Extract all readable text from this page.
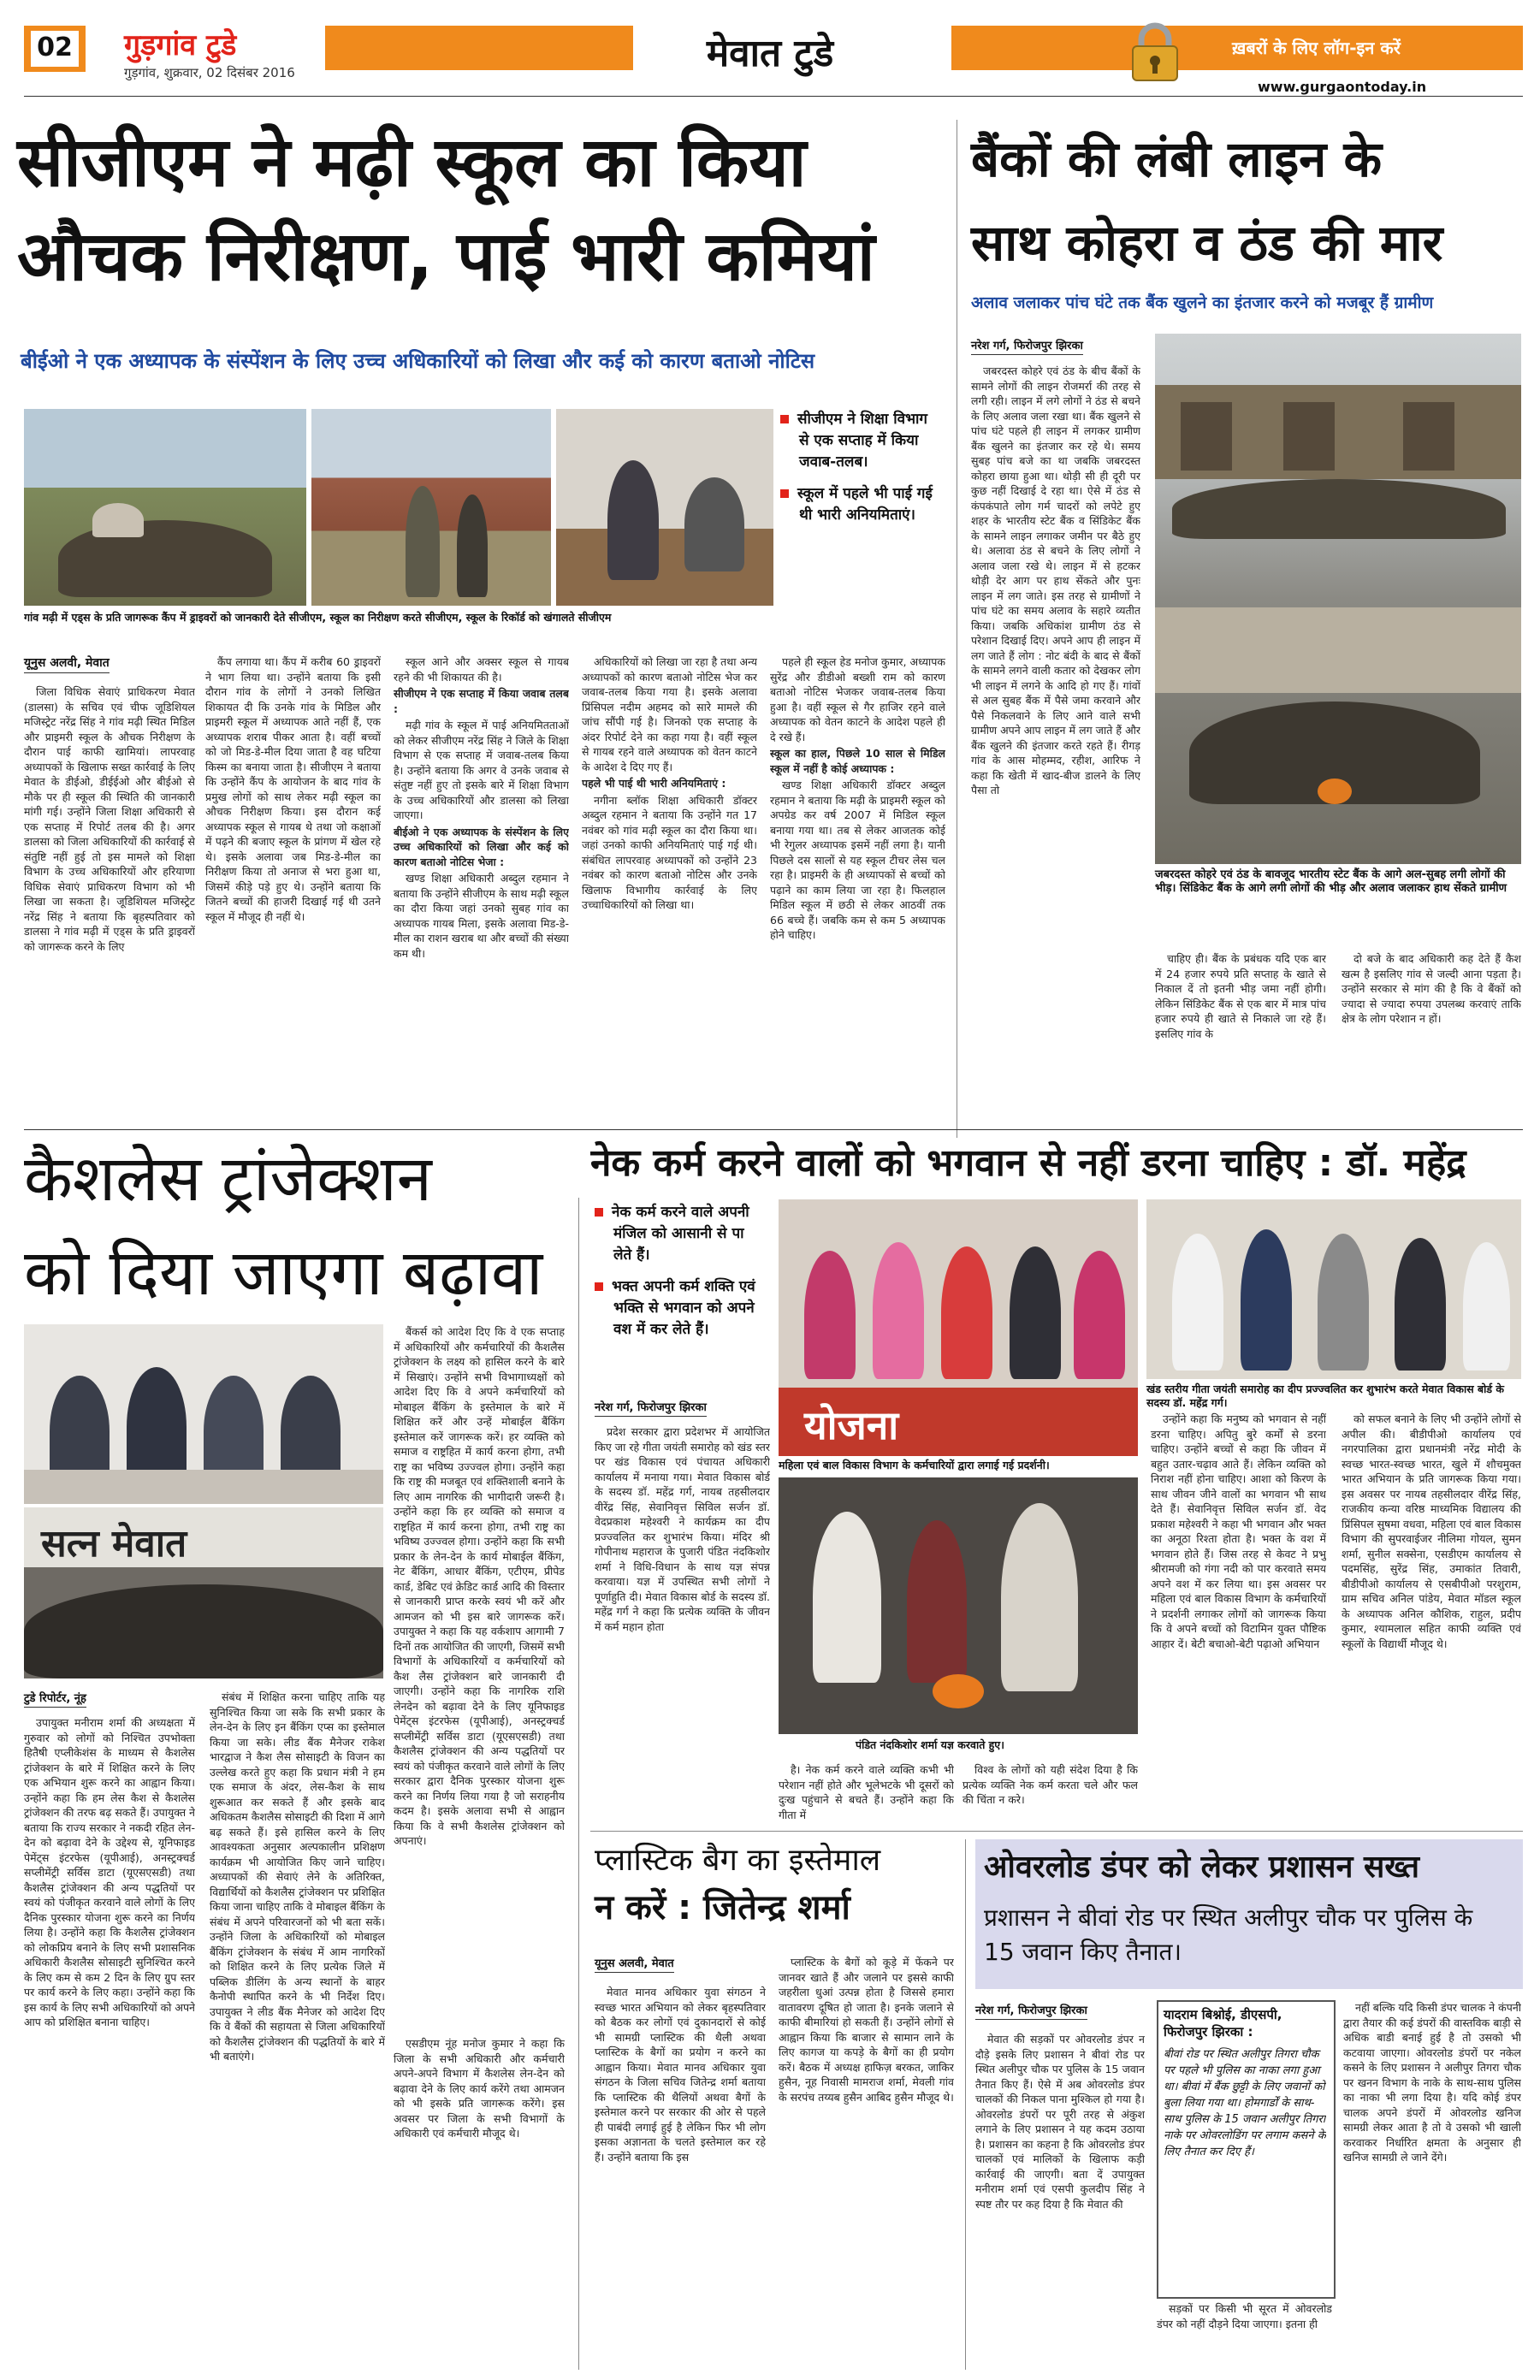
02 गुड़गांव टुडे
गुड़गांव, शुक्रवार, 02 दिसंबर 2016	मेवात टुडे	ख़बरों के लिए लॉग-इन करें
www.gurgaontoday.in
सीजीएम ने मढ़ी स्कूल का किया
औचक निरीक्षण, पाई भारी कमियां
बीईओ ने एक अध्यापक के संस्पेंशन के लिए उच्च अधिकारियों को लिखा और कई को कारण बताओ नोटिस
गांव मढ़ी में एड्स के प्रति जागरूक कैंप में ड्राइवरों को जानकारी देते सीजीएम, स्कूल का निरीक्षण करते सीजीएम, स्कूल के रिकॉर्ड को खंगालते सीजीएम
सीजीएम ने शिक्षा विभाग से एक सप्ताह में किया जवाब-तलब।
स्कूल में पहले भी पाई गई थी भारी अनियमिताएं।
यूनुस अलवी, मेवात

जिला विधिक सेवाएं प्राधिकरण मेवात (डालसा) के सचिव एवं चीफ जूडिशियल मजिस्ट्रेट नरेंद्र सिंह ने गांव मढ़ी स्थित मिडिल और प्राइमरी स्कूल के औचक निरीक्षण के दौरान पाई काफी खामियां। लापरवाह अध्यापकों के खिलाफ सख्त कार्रवाई के लिए मेवात के डीईओ, डीईईओ और बीईओ से मौके पर ही स्कूल की स्थिति की जानकारी मांगी गई। उन्होंने जिला शिक्षा अधिकारी से एक सप्ताह में रिपोर्ट तलब की है। अगर डालसा को जिला अधिकारियों की कार्रवाई से संतुष्टि नहीं हुई तो इस मामले को शिक्षा विभाग के उच्च अधिकारियों और हरियाणा विधिक सेवाएं प्राधिकरण विभाग को भी लिखा जा सकता है। जूडिशियल मजिस्ट्रेट नरेंद्र सिंह ने बताया कि बृहस्पतिवार को डालसा ने गांव मढ़ी में एड्स के प्रति ड्राइवरों को जागरूक करने के लिए

कैंप लगाया था। कैंप में करीब 60 ड्राइवरों ने भाग लिया था। उन्होंने बताया कि इसी दौरान गांव के लोगों ने उनको लिखित शिकायत दी कि उनके गांव के मिडिल और प्राइमरी स्कूल में अध्यापक आते नहीं हैं, एक अध्यापक शराब पीकर आता है। वहीं बच्चों को जो मिड-डे-मील दिया जाता है वह घटिया किस्म का बनाया जाता है। सीजीएम ने बताया कि उन्होंने कैंप के आयोजन के बाद गांव के प्रमुख लोगों को साथ लेकर मढ़ी स्कूल का औचक निरीक्षण किया। इस दौरान कई अध्यापक स्कूल से गायब थे तथा जो कक्षाओं में पढ़ने की बजाए स्कूल के प्रांगण में खेल रहे थे। इसके अलावा जब मिड-डे-मील का निरीक्षण किया तो अनाज से भरा हुआ था, जिसमें कीड़े पड़े हुए थे। उन्होंने बताया कि जितने बच्चों की हाजरी दिखाई गई थी उतने स्कूल में मौजूद ही नहीं थे।

स्कूल आने और अक्सर स्कूल से गायब रहने की भी शिकायत की है।

सीजीएम ने एक सप्ताह में किया जवाब तलब :

मढ़ी गांव के स्कूल में पाई अनियमितताओं को लेकर सीजीएम नरेंद्र सिंह ने जिले के शिक्षा विभाग से एक सप्ताह में जवाब-तलब किया है। उन्होंने बताया कि अगर वे उनके जवाब से संतुष्ट नहीं हुए तो इसके बारे में शिक्षा विभाग के उच्च अधिकारियों और डालसा को लिखा जाएगा।

बीईओ ने एक अध्यापक के संस्पेंशन के लिए उच्च अधिकारियों को लिखा और कई को कारण बताओ नोटिस भेजा :

खण्ड शिक्षा अधिकारी अब्दुल रहमान ने बताया कि उन्होंने सीजीएम के साथ मढ़ी स्कूल का दौरा किया जहां उनको सुबह गांव का अध्यापक गायब मिला, इसके अलावा मिड-डे-मील का राशन खराब था और बच्चों की संख्या कम थी।

अधिकारियों को लिखा जा रहा है तथा अन्य अध्यापकों को कारण बताओ नोटिस भेज कर जवाब-तलब किया गया है। इसके अलावा प्रिंसिपल नदीम अहमद को सारे मामले की जांच सौंपी गई है। जिनको एक सप्ताह के अंदर रिपोर्ट देने का कहा गया है। वहीं स्कूल से गायब रहने वाले अध्यापक को वेतन काटने के आदेश दे दिए गए हैं।

पहले भी पाई थी भारी अनियमिताएं :

नगीना ब्लॉक शिक्षा अधिकारी डॉक्टर अब्दुल रहमान ने बताया कि उन्होंने गत 17 नवंबर को गांव मढ़ी स्कूल का दौरा किया था। जहां उनको काफी अनियमिताएं पाई गई थी। संबंधित लापरवाह अध्यापकों को उन्होंने 23 नवंबर को कारण बताओ नोटिस और उनके खिलाफ विभागीय कार्रवाई के लिए उच्चाधिकारियों को लिखा था।

पहले ही स्कूल हेड मनोज कुमार, अध्यापक सुरेंद्र और डीडीओ बख्शी राम को कारण बताओ नोटिस भेजकर जवाब-तलब किया हुआ है। वहीं स्कूल से गैर हाजिर रहने वाले अध्यापक को वेतन काटने के आदेश पहले ही दे रखे हैं।

स्कूल का हाल, पिछले 10 साल से मिडिल स्कूल में नहीं है कोई अध्यापक :

खण्ड शिक्षा अधिकारी डॉक्टर अब्दुल रहमान ने बताया कि मढ़ी के प्राइमरी स्कूल को अपग्रेड कर वर्ष 2007 में मिडिल स्कूल बनाया गया था। तब से लेकर आजतक कोई भी रेगुलर अध्यापक इसमें नहीं लगा है। यानी पिछले दस सालों से यह स्कूल टीचर लेस चल रहा है। प्राइमरी के ही अध्यापकों से बच्चों को पढ़ाने का काम लिया जा रहा है। फिलहाल मिडिल स्कूल में छठी से लेकर आठवीं तक 66 बच्चे हैं। जबकि कम से कम 5 अध्यापक होने चाहिए।

बैंकों की लंबी लाइन के
साथ कोहरा व ठंड की मार
अलाव जलाकर पांच घंटे तक बैंक खुलने का इंतजार करने को मजबूर हैं ग्रामीण
नरेश गर्ग, फिरोजपुर झिरका

जबरदस्त कोहरे एवं ठंड के बीच बैंकों के सामने लोगों की लाइन रोजमर्रा की तरह से लगी रही। लाइन में लगे लोगों ने ठंड से बचने के लिए अलाव जला रखा था। बैंक खुलने से पांच घंटे पहले ही लाइन में लगकर ग्रामीण बैंक खुलने का इंतजार कर रहे थे। समय सुबह पांच बजे का था जबकि जबरदस्त कोहरा छाया हुआ था। थोड़ी सी ही दूरी पर कुछ नहीं दिखाई दे रहा था। ऐसे में ठंड से कंपकंपाते लोग गर्म चादरों को लपेटे हुए शहर के भारतीय स्टेट बैंक व सिंडिकेट बैंक के सामने लाइन लगाकर जमीन पर बैठे हुए थे। अलावा ठंड से बचने के लिए लोगों ने अलाव जला रखे थे। लाइन में से हटकर थोड़ी देर आग पर हाथ सेंकते और पुनः लाइन में लग जाते। इस तरह से ग्रामीणों ने पांच घंटे का समय अलाव के सहारे व्यतीत किया। जबकि अधिकांश ग्रामीण ठंड से परेशान दिखाई दिए। अपने आप ही लाइन में लग जाते हैं लोग : नोट बंदी के बाद से बैंकों के सामने लगने वाली कतार को देखकर लोग भी लाइन में लगने के आदि हो गए हैं। गांवों से अल सुबह बैंक में पैसे जमा करवाने और पैसे निकलवाने के लिए आने वाले सभी ग्रामीण अपने आप लाइन में लग जाते हैं और बैंक खुलने की इंतजार करते रहते हैं। रीगड़ गांव के आस मोहम्मद, रहीश, आरिफ ने कहा कि खेती में खाद-बीज डालने के लिए पैसा तो

जबरदस्त कोहरे एवं ठंड के बावजूद भारतीय स्टेट बैंक के आगे अल-सुबह लगी लोगों की भीड़। सिंडिकेट बैंक के आगे लगी लोगों की भीड़ और अलाव जलाकर हाथ सेंकते ग्रामीण

चाहिए ही। बैंक के प्रबंधक यदि एक बार में 24 हजार रुपये प्रति सप्ताह के खाते से निकाल दें तो इतनी भीड़ जमा नहीं होगी। लेकिन सिंडिकेट बैंक से एक बार में मात्र पांच हजार रुपये ही खाते से निकाले जा रहे हैं। इसलिए गांव के

दो बजे के बाद अधिकारी कह देते हैं कैश खत्म है इसलिए गांव से जल्दी आना पड़ता है। उन्होंने सरकार से मांग की है कि वे बैंकों को ज्यादा से ज्यादा रुपया उपलब्ध करवाएं ताकि क्षेत्र के लोग परेशान न हों।

कैशलेस ट्रांजेक्शन
को दिया जाएगा बढ़ावा
सत्न मेवात

बैंकर्स को आदेश दिए कि वे एक सप्ताह में अधिकारियों और कर्मचारियों की कैशलैस ट्रांजेक्शन के लक्ष्य को हासिल करने के बारे में सिखाएं। उन्होंने सभी विभागाध्यक्षों को आदेश दिए कि वे अपने कर्मचारियों को मोबाइल बैंकिंग के इस्तेमाल के बारे में शिक्षित करें और उन्हें मोबाईल बैंकिंग इस्तेमाल करें जागरूक करें। हर व्यक्ति को समाज व राष्ट्रहित में कार्य करना होगा, तभी राष्ट्र का भविष्य उज्ज्वल होगा। उन्होंने कहा कि राष्ट्र की मजबूत एवं शक्तिशाली बनाने के लिए आम नागरिक की भागीदारी जरूरी है। उन्होंने कहा कि हर व्यक्ति को समाज व राष्ट्रहित में कार्य करना होगा, तभी राष्ट्र का भविष्य उज्ज्वल होगा। उन्होंने कहा कि सभी प्रकार के लेन-देन के कार्य मोबाईल बैंकिंग, नेट बैंकिंग, आधार बैंकिंग, एटीएम, प्रीपेड कार्ड, डेबिट एवं क्रेडिट कार्ड आदि की विस्तार से जानकारी प्राप्त करके स्वयं भी करें और आमजन को भी इस बारे जागरूक करें। उपायुक्त ने कहा कि यह वर्कशाप आगामी 7 दिनों तक आयोजित की जाएगी, जिसमें सभी विभागों के अधिकारियों व कर्मचारियों को कैश लैस ट्रांजेक्शन बारे जानकारी दी जाएगी। उन्होंने कहा कि नागरिक राशि लेनदेन को बढ़ावा देने के लिए यूनिफाइड पेमेंट्स इंटरफेस (यूपीआई), अनस्ट्रक्चर्ड सप्लीमेंट्री सर्विस डाटा (यूएसएसडी) तथा कैशलैस ट्रांजेक्शन की अन्य पद्धतियों पर स्वयं को पंजीकृत करवाने वाले लोगों के लिए सरकार द्वारा दैनिक पुरस्कार योजना शुरू करने का निर्णय लिया गया है जो सराहनीय कदम है। इसके अलावा सभी से आह्वान किया कि वे सभी कैशलेस ट्रांजेक्शन को अपनाएं।

टुडे रिपोर्टर, नूंह

उपायुक्त मनीराम शर्मा की अध्यक्षता में गुरुवार को लोगों को निश्चित उपभोक्ता हितैषी एप्लीकेशंस के माध्यम से कैशलेस ट्रांजेक्शन के बारे में शिक्षित करने के लिए एक अभियान शुरू करने का आह्वान किया। उन्होंने कहा कि हम लेस कैश से कैशलेस ट्रांजेक्शन की तरफ बढ़ सकते हैं। उपायुक्त ने बताया कि राज्य सरकार ने नकदी रहित लेन-देन को बढ़ावा देने के उद्देश्य से, यूनिफाइड पेमेंट्स इंटरफेस (यूपीआई), अनस्ट्रक्चर्ड सप्लीमेंट्री सर्विस डाटा (यूएसएसडी) तथा कैशलैस ट्रांजेक्शन की अन्य पद्धतियों पर स्वयं को पंजीकृत करवाने वाले लोगों के लिए दैनिक पुरस्कार योजना शुरू करने का निर्णय लिया है। उन्होंने कहा कि कैशलैस ट्रांजेक्शन को लोकप्रिय बनाने के लिए सभी प्रशासनिक अधिकारी कैशलैस सोसाइटी सुनिश्चित करने के लिए कम से कम 2 दिन के लिए ग्रुप स्तर पर कार्य करने के लिए कहा। उन्होंने कहा कि इस कार्य के लिए सभी अधिकारियों को अपने आप को प्रशिक्षित बनाना चाहिए।

संबंध में शिक्षित करना चाहिए ताकि यह सुनिश्चित किया जा सके कि सभी प्रकार के लेन-देन के लिए इन बैंकिंग एप्स का इस्तेमाल किया जा सके। लीड बैंक मैनेजर राकेश भारद्वाज ने कैश लैस सोसाइटी के विजन का उल्लेख करते हुए कहा कि प्रधान मंत्री ने हम एक समाज के अंदर, लेस-कैश के साथ शुरूआत कर सकते हैं और इसके बाद अधिकतम कैशलैस सोसाइटी की दिशा में आगे बढ़ सकते हैं। इसे हासिल करने के लिए आवश्यकता अनुसार अल्पकालीन प्रशिक्षण कार्यक्रम भी आयोजित किए जाने चाहिए। अध्यापकों की सेवाएं लेने के अतिरिक्त, विद्यार्थियों को कैशलैस ट्रांजेक्शन पर प्रशिक्षित किया जाना चाहिए ताकि वे मोबाइल बैंकिंग के संबंध में अपने परिवारजनों को भी बता सकें। उन्होंने जिला के अधिकारियों को मोबाइल बैंकिंग ट्रांजेक्शन के संबंध में आम नागरिकों को शिक्षित करने के लिए प्रत्येक जिले में पब्लिक डीलिंग के अन्य स्थानों के बाहर कैनोपी स्थापित करने के भी निर्देश दिए। उपायुक्त ने लीड बैंक मैनेजर को आदेश दिए कि वे बैंकों की सहायता से जिला अधिकारियों को कैशलैस ट्रांजेक्शन की पद्धतियों के बारे में भी बताएंगे।

एसडीएम नूंह मनोज कुमार ने कहा कि जिला के सभी अधिकारी और कर्मचारी अपने-अपने विभाग में कैशलेस लेन-देन को बढ़ावा देने के लिए कार्य करेंगे तथा आमजन को भी इसके प्रति जागरूक करेंगे। इस अवसर पर जिला के सभी विभागों के अधिकारी एवं कर्मचारी मौजूद थे।

नेक कर्म करने वालों को भगवान से नहीं डरना चाहिए : डॉ. महेंद्र
नेक कर्म करने वाले अपनी मंजिल को आसानी से पा लेते हैं।
भक्त अपनी कर्म शक्ति एवं भक्ति से भगवान को अपने वश में कर लेते हैं।
योजना
महिला एवं बाल विकास विभाग के कर्मचारियों द्वारा लगाई गई प्रदर्शनी।
खंड स्तरीय गीता जयंती समारोह का दीप प्रज्ज्वलित कर शुभारंभ करते मेवात विकास बोर्ड के सदस्य डॉ. महेंद्र गर्ग।
नरेश गर्ग, फिरोजपुर झिरका

प्रदेश सरकार द्वारा प्रदेशभर में आयोजित किए जा रहे गीता जयंती समारोह को खंड स्तर पर खंड विकास एवं पंचायत अधिकारी कार्यालय में मनाया गया। मेवात विकास बोर्ड के सदस्य डॉ. महेंद्र गर्ग, नायब तहसीलदार वीरेंद्र सिंह, सेवानिवृत्त सिविल सर्जन डॉ. वेदप्रकाश महेश्वरी ने कार्यक्रम का दीप प्रज्ज्वलित कर शुभारंभ किया। मंदिर श्री गोपीनाथ महाराज के पुजारी पंडित नंदकिशोर शर्मा ने विधि-विधान के साथ यज्ञ संपन्न करवाया। यज्ञ में उपस्थित सभी लोगों ने पूर्णाहुति दी। मेवात विकास बोर्ड के सदस्य डॉ. महेंद्र गर्ग ने कहा कि प्रत्येक व्यक्ति के जीवन में कर्म महान होता

पंडित नंदकिशोर शर्मा यज्ञ करवाते हुए।

उन्होंने कहा कि मनुष्य को भगवान से नहीं डरना चाहिए। अपितु बुरे कर्मों से डरना चाहिए। उन्होंने बच्चों से कहा कि जीवन में बहुत उतार-चढ़ाव आते हैं। लेकिन व्यक्ति को निराश नहीं होना चाहिए। आशा को किरण के साथ जीवन जीने वालों का भगवान भी साथ देते हैं। सेवानिवृत्त सिविल सर्जन डॉ. वेद प्रकाश महेश्वरी ने कहा भी भगवान और भक्त का अनूठा रिश्ता होता है। भक्त के वश में भगवान होते हैं। जिस तरह से केवट ने प्रभु श्रीरामजी को गंगा नदी को पार करवाते समय अपने वश में कर लिया था। इस अवसर पर महिला एवं बाल विकास विभाग के कर्मचारियों ने प्रदर्शनी लगाकर लोगों को जागरूक किया कि वे अपने बच्चों को विटामिन युक्त पौष्टिक आहार दें। बेटी बचाओ-बेटी पढ़ाओ अभियान

को सफल बनाने के लिए भी उन्होंने लोगों से अपील की। बीडीपीओ कार्यालय एवं नगरपालिका द्वारा प्रधानमंत्री नरेंद्र मोदी के स्वच्छ भारत-स्वच्छ भारत, खुले में शौचमुक्त भारत अभियान के प्रति जागरूक किया गया। इस अवसर पर नायब तहसीलदार वीरेंद्र सिंह, राजकीय कन्या वरिष्ठ माध्यमिक विद्यालय की प्रिंसिपल सुषमा वधवा, महिला एवं बाल विकास विभाग की सुपरवाईजर नीलिमा गोयल, सुमन शर्मा, सुनील सक्सेना, एसडीएम कार्यालय से पदमसिंह, सुरेंद्र सिंह, उमाकांत तिवारी, बीडीपीओ कार्यालय से एसबीपीओ परशुराम, ग्राम सचिव अनिल पांडेय, मेवात मॉडल स्कूल के अध्यापक अनिल कौशिक, राहुल, प्रदीप कुमार, श्यामलाल सहित काफी व्यक्ति एवं स्कूलों के विद्यार्थी मौजूद थे।

है। नेक कर्म करने वाले व्यक्ति कभी भी परेशान नहीं होते और भूलेभटके भी दूसरों को दुःख पहुंचाने से बचते हैं। उन्होंने कहा कि गीता में

विश्व के लोगों को यही संदेश दिया है कि प्रत्येक व्यक्ति नेक कर्म करता चले और फल की चिंता न करे।

प्लास्टिक बैग का इस्तेमाल
न करें : जितेन्द्र शर्मा
यूनुस अलवी, मेवात

मेवात मानव अधिकार युवा संगठन ने स्वच्छ भारत अभियान को लेकर बृहस्पतिवार को बैठक कर लोगों एवं दुकानदारों से कोई भी सामग्री प्लास्टिक की थैली अथवा प्लास्टिक के बैगों का प्रयोग न करने का आह्वान किया। मेवात मानव अधिकार युवा संगठन के जिला सचिव जितेन्द्र शर्मा बताया कि प्लास्टिक की थैलियों अथवा बैगों के इस्तेमाल करने पर सरकार की ओर से पहले ही पाबंदी लगाई हुई है लेकिन फिर भी लोग इसका अज्ञानता के चलते इस्तेमाल कर रहे हैं। उन्होंने बताया कि इस

प्लास्टिक के बैगों को कूड़े में फेंकने पर जानवर खाते हैं और जलाने पर इससे काफी जहरीला धुआं उत्पन्न होता है जिससे हमारा वातावरण दूषित हो जाता है। इनके जलाने से काफी बीमारियां हो सकती हैं। उन्होंने लोगों से आह्वान किया कि बाजार से सामान लाने के लिए कागज या कपड़े के बैगों का ही प्रयोग करें। बैठक में अध्यक्ष हाफिज़ बरकत, जाकिर हुसैन, नूह निवासी मामराज शर्मा, मेवली गांव के सरपंच तय्यब हुसैन आबिद हुसैन मौजूद थे।

ओवरलोड डंपर को लेकर प्रशासन सख्त
प्रशासन ने बीवां रोड पर स्थित अलीपुर चौक पर पुलिस के 15 जवान किए तैनात।
नरेश गर्ग, फिरोजपुर झिरका

मेवात की सड़कों पर ओवरलोड डंपर न दौड़े इसके लिए प्रशासन ने बीवां रोड पर स्थित अलीपुर चौक पर पुलिस के 15 जवान तैनात किए हैं। ऐसे में अब ओवरलोड डंपर चालकों की निकल पाना मुश्किल हो गया है। ओवरलोड डंपरों पर पूरी तरह से अंकुश लगाने के लिए प्रशासन ने यह कदम उठाया है। प्रशासन का कहना है कि ओवरलोड डंपर चालकों एवं मालिकों के खिलाफ कड़ी कार्रवाई की जाएगी। बता दें उपायुक्त मनीराम शर्मा एवं एसपी कुलदीप सिंह ने स्पष्ट तौर पर कह दिया है कि मेवात की

यादराम बिश्नोई, डीएसपी, फिरोजपुर झिरका :
बीवां रोड पर स्थित अलीपुर तिगरा चौक पर पहले भी पुलिस का नाका लगा हुआ था। बीवां में बैंक छुट्टी के लिए जवानों को बुला लिया गया था। होमगार्डों के साथ-साथ पुलिस के 15 जवान अलीपुर तिगरा नाके पर ओवरलोडिंग पर लगाम कसने के लिए तैनात कर दिए हैं।

सड़कों पर किसी भी सूरत में ओवरलोड डंपर को नहीं दौड़ने दिया जाएगा। इतना ही

नहीं बल्कि यदि किसी डंपर चालक ने कंपनी द्वारा तैयार की कई डंपरों की वास्तविक बाड़ी से अधिक बाडी बनाई हुई है तो उसको भी कटवाया जाएगा। ओवरलोड डंपरों पर नकेल कसने के लिए प्रशासन ने अलीपुर तिगरा चौक पर खनन विभाग के नाके के साथ-साथ पुलिस का नाका भी लगा दिया है। यदि कोई डंपर चालक अपने डंपरों में ओवरलोड खनिज सामग्री लेकर आता है तो वे उसको भी खाली करवाकर निर्धारित क्षमता के अनुसार ही खनिज सामग्री ले जाने देंगे।
